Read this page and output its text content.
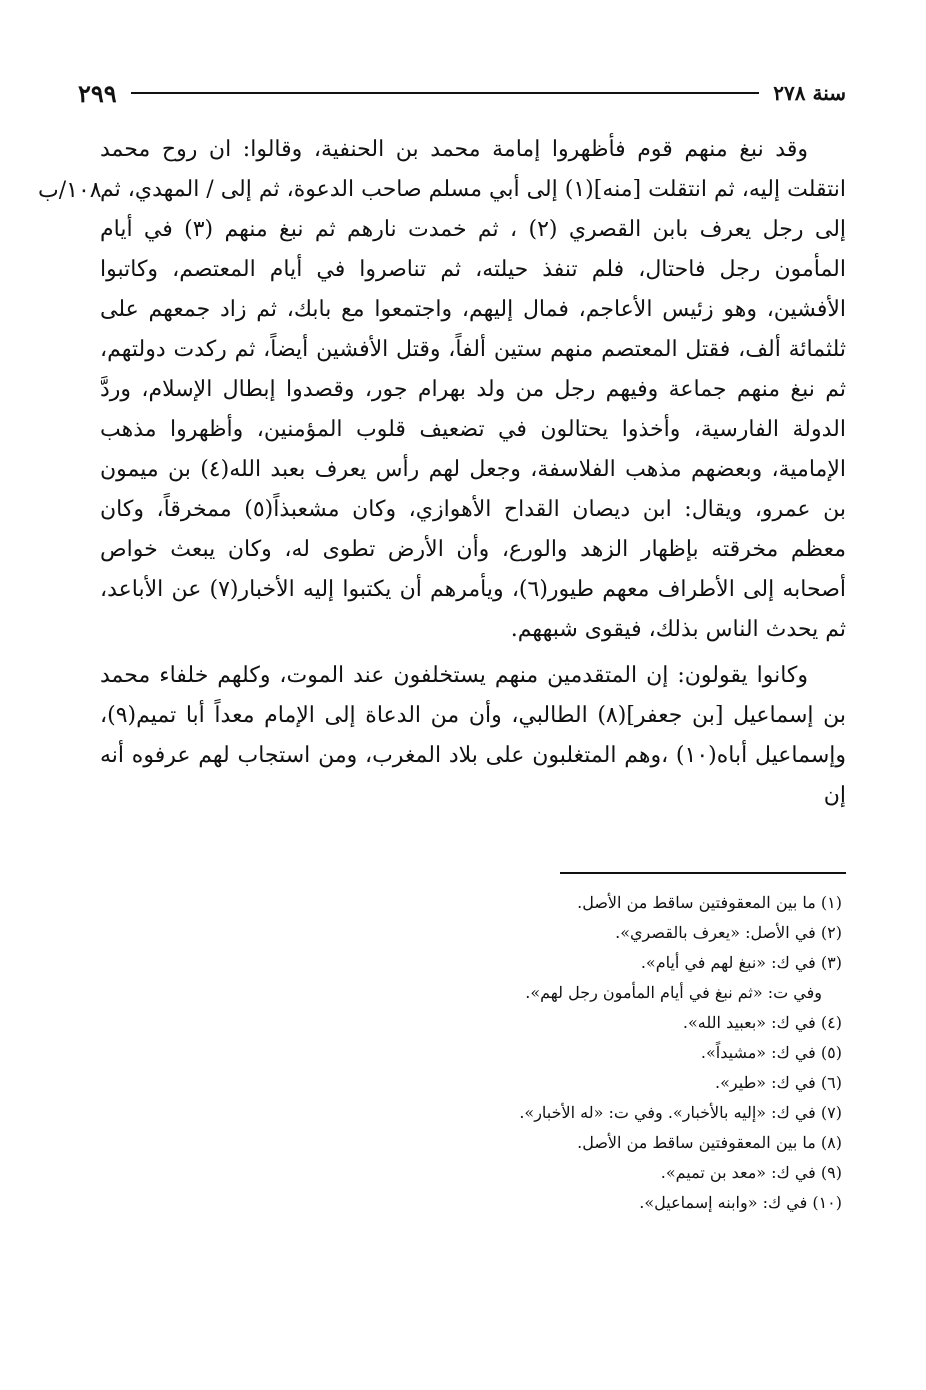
سنة ٢٧٨
٢٩٩
١٠٨/ب

وقد نبغ منهم قوم فأظهروا إمامة محمد بن الحنفية، وقالوا: ان روح محمد انتقلت إليه، ثم انتقلت [منه](١) إلى أبي مسلم صاحب الدعوة، ثم إلى / المهدي، ثم إلى رجل يعرف بابن القصري (٢) ، ثم خمدت نارهم ثم نبغ منهم (٣) في أيام المأمون رجل فاحتال، فلم تنفذ حيلته، ثم تناصروا في أيام المعتصم، وكاتبوا الأفشين، وهو زئيس الأعاجم، فمال إليهم، واجتمعوا مع بابك، ثم زاد جمعهم على ثلثمائة ألف، فقتل المعتصم منهم ستين ألفاً، وقتل الأفشين أيضاً، ثم ركدت دولتهم، ثم نبغ منهم جماعة وفيهم رجل من ولد بهرام جور، وقصدوا إبطال الإسلام، وردَّ الدولة الفارسية، وأخذوا يحتالون في تضعيف قلوب المؤمنين، وأظهروا مذهب الإمامية، وبعضهم مذهب الفلاسفة، وجعل لهم رأس يعرف بعبد الله(٤) بن ميمون بن عمرو، ويقال: ابن ديصان القداح الأهوازي، وكان مشعبذاً(٥) ممخرقاً، وكان معظم مخرقته بإظهار الزهد والورع، وأن الأرض تطوى له، وكان يبعث خواص أصحابه إلى الأطراف معهم طيور(٦)، ويأمرهم أن يكتبوا إليه الأخبار(٧) عن الأباعد، ثم يحدث الناس بذلك، فيقوى شبههم.

وكانوا يقولون: إن المتقدمين منهم يستخلفون عند الموت، وكلهم خلفاء محمد بن إسماعيل [بن جعفر](٨) الطالبي، وأن من الدعاة إلى الإمام معداً أبا تميم(٩)، وإسماعيل أباه(١٠) ،وهم المتغلبون على بلاد المغرب، ومن استجاب لهم عرفوه أنه إن

(١) ما بين المعقوفتين ساقط من الأصل.
(٢) في الأصل: «يعرف بالقصري».
(٣) في ك: «نبغ لهم في أيام».
وفي ت: «ثم نبغ في أيام المأمون رجل لهم».
(٤) في ك: «بعبيد الله».
(٥) في ك: «مشيداً».
(٦) في ك: «طير».
(٧) في ك: «إليه بالأخبار». وفي ت: «له الأخبار».
(٨) ما بين المعقوفتين ساقط من الأصل.
(٩) في ك: «معد بن تميم».
(١٠) في ك: «وابنه إسماعيل».
